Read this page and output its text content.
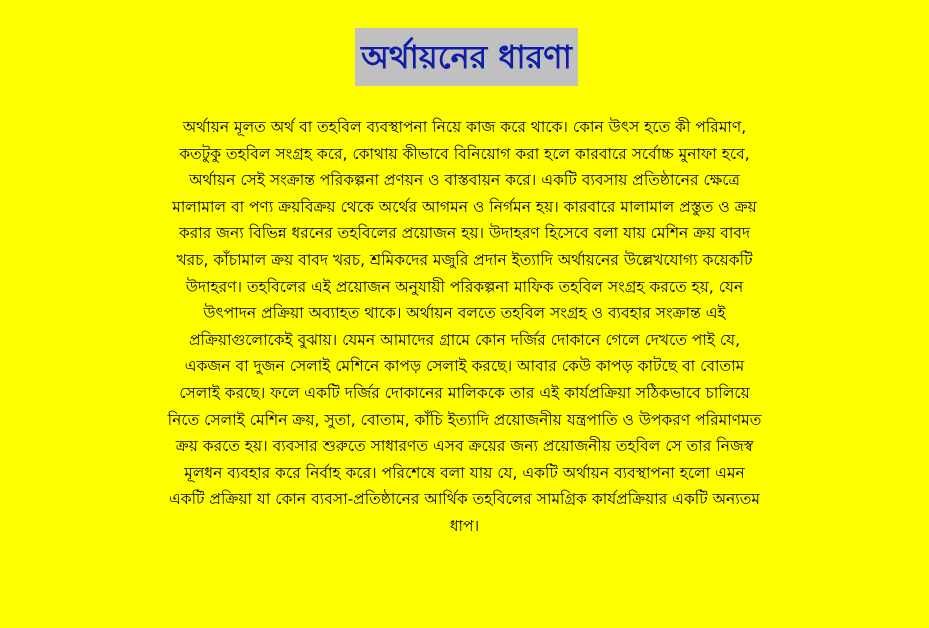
অর্থায়নের ধারণা
অর্থায়ন মূলত অর্থ বা তহবিল ব্যবস্থাপনা নিয়ে কাজ করে থাকে। কোন উৎস হতে কী পরিমাণ,
কতটুকু তহবিল সংগ্রহ করে, কোথায় কীভাবে বিনিয়োগ করা হলে কারবারে সর্বোচ্চ মুনাফা হবে,
অর্থায়ন সেই সংক্রান্ত পরিকল্পনা প্রণয়ন ও বাস্তবায়ন করে। একটি ব্যবসায় প্রতিষ্ঠানের ক্ষেত্রে
মালামাল বা পণ্য ক্রয়বিক্রয় থেকে অর্থের আগমন ও নির্গমন হয়। কারবারে মালামাল প্রস্তুত ও ক্রয়
করার জন্য বিভিন্ন ধরনের তহবিলের প্রয়োজন হয়। উদাহরণ হিসেবে বলা যায় মেশিন ক্রয় বাবদ
খরচ, কাঁচামাল ক্রয় বাবদ খরচ, শ্রমিকদের মজুরি প্রদান ইত্যাদি অর্থায়নের উল্লেখযোগ্য কয়েকটি
উদাহরণ। তহবিলের এই প্রয়োজন অনুযায়ী পরিকল্পনা মাফিক তহবিল সংগ্রহ করতে হয়, যেন
উৎপাদন প্রক্রিয়া অব্যাহত থাকে। অর্থায়ন বলতে তহবিল সংগ্রহ ও ব্যবহার সংক্রান্ত এই
প্রক্রিয়াগুলোকেই বুঝায়। যেমন আমাদের গ্রামে কোন দর্জির দোকানে গেলে দেখতে পাই যে,
একজন বা দুজন সেলাই মেশিনে কাপড় সেলাই করছে। আবার কেউ কাপড় কাটছে বা বোতাম
সেলাই করছে। ফলে একটি দর্জির দোকানের মালিককে তার এই কার্যপ্রক্রিয়া সঠিকভাবে চালিয়ে
নিতে সেলাই মেশিন ক্রয়, সুতা, বোতাম, কাঁচি ইত্যাদি প্রয়োজনীয় যন্ত্রপাতি ও উপকরণ পরিমাণমত
ক্রয় করতে হয়। ব্যবসার শুরুতে সাধারণত এসব ক্রয়ের জন্য প্রয়োজনীয় তহবিল সে তার নিজস্ব
মূলধন ব্যবহার করে নির্বাহ করে। পরিশেষে বলা যায় যে, একটি অর্থায়ন ব্যবস্থাপনা হলো এমন
একটি প্রক্রিয়া যা কোন ব্যবসা-প্রতিষ্ঠানের আর্থিক তহবিলের সামগ্রিক কার্যপ্রক্রিয়ার একটি অন্যতম
ধাপ।
